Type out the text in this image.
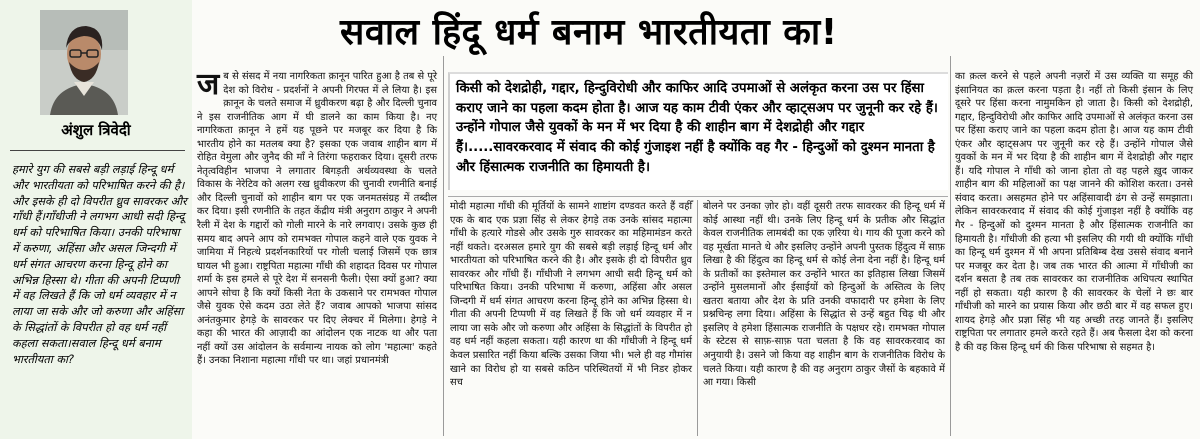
अंशुल त्रिवेदी
हमारे युग की सबसे बड़ी लड़ाई हिन्दू धर्म और भारतीयता को परिभाषित करने की है। और इसके ही दो विपरीत ध्रुव सावरकर और गाँधी हैं।गाँधीजी ने लगभग आधी सदी हिन्दू धर्म को परिभाषित किया। उनकी परिभाषा में करुणा, अहिंसा और असल जिन्दगी में धर्म संगत आचरण करना हिन्दू होने का अभिन्न हिस्सा थे। गीता की अपनी टिप्पणी में वह लिखते हैं कि जो धर्म व्यवहार में न लाया जा सके और जो करुणा और अहिंसा के सिद्धांतों के विपरीत हो वह धर्म नहीं कहला सकता।सवाल हिन्दू धर्म बनाम भारतीयता का?
सवाल हिंदू धर्म बनाम भारतीयता का!
जब से संसद में नया नागरिकता क़ानून पारित हुआ है तब से पूरे देश को विरोध - प्रदर्शनों ने अपनी गिरफ्त में ले लिया है। इस क़ानून के चलते समाज में ध्रुवीकरण बढ़ा है और दिल्ली चुनाव ने इस राजनीतिक आग में घी डालने का काम किया है। नए नागरिकता क़ानून ने हमें यह पूछने पर मजबूर कर दिया है कि भारतीय होने का मतलब क्या है? इसका एक जवाब शाहीन बाग में रोहित वेमुला और जुनैद की माँ ने तिरंगा फहराकर दिया। दूसरी तरफ नेतृत्वविहीन भाजपा ने लगातार बिगड़ती अर्थव्यवस्था के चलते विकास के नेरेटिव को अलग रख ध्रुवीकरण की चुनावी रणनीति बनाई और दिल्ली चुनावों को शाहीन बाग पर एक जनमतसंग्रह में तब्दील कर दिया। इसी रणनीति के तहत केंद्रीय मंत्री अनुराग ठाकुर ने अपनी रैली में देश के गद्दारों को गोली मारने के नारे लगवाए। उसके कुछ ही समय बाद अपने आप को रामभक्त गोपाल कहने वाले एक युवक ने जामिया में निहत्थे प्रदर्शनकारियों पर गोली चलाई जिसमें एक छात्र घायल भी हुआ। राष्ट्रपिता महात्मा गाँधी की शहादत दिवस पर गोपाल शर्मा के इस हमले से पूरे देश में सनसनी फैली। ऐसा क्यों हुआ? क्या आपने सोचा है कि क्यों किसी नेता के उकसाने पर रामभक्त गोपाल जैसे युवक ऐसे कदम उठा लेते हैं? जवाब आपको भाजपा सांसद अनंतकुमार हेगड़े के सावरकर पर दिए लेक्चर में मिलेगा। हेगड़े ने कहा की भारत की आज़ादी का आंदोलन एक नाटक था और पता नहीं क्यों उस आंदोलन के सर्वमान्य नायक को लोग 'महात्मा' कहते हैं। उनका निशाना महात्मा गाँधी पर था। जहां प्रधानमंत्री
किसी को देशद्रोही, गद्दार, हिन्दुविरोधी और काफिर आदि उपमाओं से अलंकृत करना उस पर हिंसा कराए जाने का पहला कदम होता है। आज यह काम टीवी एंकर और व्हाट्सअप पर जुनूनी कर रहे हैं। उन्होंने गोपाल जैसे युवकों के मन में भर दिया है की शाहीन बाग में देशद्रोही और गद्दार हैं।.....सावरकरवाद में संवाद की कोई गुंजाइश नहीं है क्योंकि वह गैर - हिन्दुओं को दुश्मन मानता है और हिंसात्मक राजनीति का हिमायती है।
मोदी महात्मा गाँधी की मूर्तियों के सामने शाष्टांग दण्डवत करते हैं वहीँ एक के बाद एक प्रज्ञा सिंह से लेकर हेगड़े तक उनके सांसद महात्मा गाँधी के हत्यारे गोडसे और उसके गुरु सावरकर का महिमामंडन करते नहीं थकते। दरअसल हमारे युग की सबसे बड़ी लड़ाई हिन्दू धर्म और भारतीयता को परिभाषित करने की है। और इसके ही दो विपरीत ध्रुव सावरकर और गाँधी हैं। गाँधीजी ने लगभग आधी सदी हिन्दू धर्म को परिभाषित किया। उनकी परिभाषा में करुणा, अहिंसा और असल जिन्दगी में धर्म संगत आचरण करना हिन्दू होने का अभिन्न हिस्सा थे। गीता की अपनी टिप्पणी में वह लिखते हैं कि जो धर्म व्यवहार में न लाया जा सके और जो करुणा और अहिंसा के सिद्धांतों के विपरीत हो वह धर्म नहीं कहला सकता। यही कारण था की गाँधीजी ने हिन्दू धर्म केवल प्रसारित नहीं किया बल्कि उसका जिया भी। भले ही वह गौमांस खाने का विरोध हो या सबसे कठिन परिस्थितयों में भी निडर होकर सच
बोलने पर उनका ज़ोर हो। वहीं दूसरी तरफ सावरकर की हिन्दू धर्म में कोई आस्था नहीं थी। उनके लिए हिन्दू धर्म के प्रतीक और सिद्धांत केवल राजनीतिक लामबंदी का एक ज़रिया थे। गाय की पूजा करने को वह मूर्खता मानते थे और इसलिए उन्होंने अपनी पुस्तक हिंदुत्व में साफ़ लिखा है की हिंदुत्व का हिन्दू धर्म से कोई लेना देना नहीं है। हिन्दू धर्म के प्रतीकों का इस्तेमाल कर उन्होंने भारत का इतिहास लिखा जिसमें उन्होंने मुसलमानों और ईसाईयों को हिन्दुओं के अस्तित्व के लिए खतरा बताया और देश के प्रति उनकी वफादारी पर हमेशा के लिए प्रश्नचिन्ह लगा दिया। अहिंसा के सिद्धांत से उन्हें बहुत चिढ़ थी और इसलिए वे हमेशा हिंसात्मक राजनीति के पक्षधर रहे। रामभक्त गोपाल के स्टेटस से साफ़-साफ़ पता चलता है कि वह सावरकरवाद का अनुयायी है। उसने जो किया वह शाहीन बाग के राजनीतिक विरोध के चलते किया। यही कारण है की वह अनुराग ठाकुर जैसों के बहकावे में आ गया। किसी
का क़त्ल करने से पहले अपनी नज़रों में उस व्यक्ति या समूह की इंसानियत का क़त्ल करना पड़ता है। नहीं तो किसी इंसान के लिए दूसरे पर हिंसा करना नामुमकिन हो जाता है। किसी को देशद्रोही, गद्दार, हिन्दुविरोधी और काफिर आदि उपमाओं से अलंकृत करना उस पर हिंसा कराए जाने का पहला कदम होता है। आज यह काम टीवी एंकर और व्हाट्सअप पर जुनूनी कर रहे हैं। उन्होंने गोपाल जैसे युवकों के मन में भर दिया है की शाहीन बाग में देशद्रोही और गद्दार हैं। यदि गोपाल ने गाँधी को जाना होता तो वह पहले ख़ुद जाकर शाहीन बाग की महिलाओं का पक्ष जानने की कोशिश करता। उनसे संवाद करता। असहमत होने पर अहिंसावादी ढंग से उन्हें समझाता। लेकिन सावरकरवाद में संवाद की कोई गुंजाइश नहीं है क्योंकि वह गैर - हिन्दुओं को दुश्मन मानता है और हिंसात्मक राजनीति का हिमायती है। गाँधीजी की हत्या भी इसलिए की गयी थी क्योंकि गाँधी का हिन्दू धर्म दुश्मन में भी अपना प्रतिबिम्ब देख उससे संवाद बनाने पर मजबूर कर देता है। जब तक भारत की आत्मा में गाँधीजी का दर्शन बसता है तब तक सावरकर का राजनीतिक अधिपत्य स्थापित नहीं हो सकता। यही कारण है की सावरकर के चेलों ने छः बार गाँधीजी को मारने का प्रयास किया और छठी बार में वह सफल हुए। शायद हेगड़े और प्रज्ञा सिंह भी यह अच्छी तरह जानते हैं। इसलिए राष्ट्रपिता पर लगातार हमले करते रहते हैं। अब फैसला देश को करना है की वह किस हिन्दू धर्म की किस परिभाषा से सहमत है।
